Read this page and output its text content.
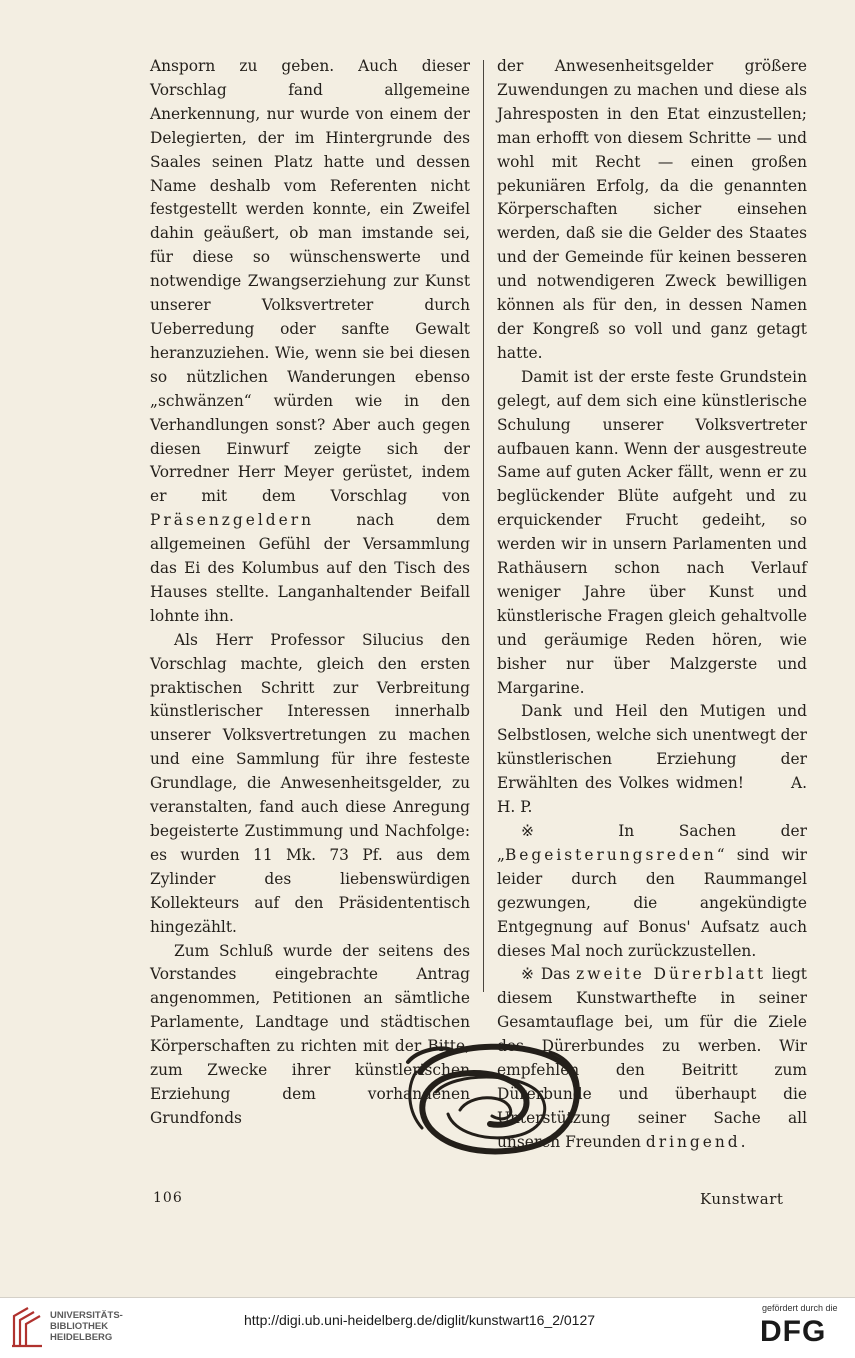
Ansporn zu geben. Auch dieser Vorschlag fand allgemeine Anerkennung, nur wurde von einem der Delegierten, der im Hintergrunde des Saales seinen Platz hatte und dessen Name deshalb vom Referenten nicht festgestellt werden konnte, ein Zweifel dahin geäußert, ob man imstande sei, für diese so wünschenswerte und notwendige Zwangserziehung zur Kunst unserer Volksvertreter durch Ueberredung oder sanfte Gewalt heranzuziehen. Wie, wenn sie bei diesen so nützlichen Wanderungen ebenso „schwänzen“ würden wie in den Verhandlungen sonst? Aber auch gegen diesen Einwurf zeigte sich der Vorredner Herr Meyer gerüstet, indem er mit dem Vorschlag von Präsenzgeldern	nach dem allgemeinen Gefühl der Versammlung das Ei des Kolumbus auf den Tisch des Hauses stellte. Langanhaltender Beifall lohnte ihn.

Als Herr Professor Silucius den Vorschlag machte, gleich den ersten praktischen Schritt zur Verbreitung künstlerischer Interessen innerhalb unserer Volksvertretungen zu machen und eine Sammlung für ihre festeste Grundlage, die Anwesenheitsgelder, zu veranstalten, fand auch diese Anregung begeisterte Zustimmung und Nachfolge: es wurden 11 Mk. 73 Pf. aus dem Zylinder des liebenswürdigen Kollekteurs auf den Präsidententisch hingezählt.

Zum Schluß wurde der seitens des Vorstandes eingebrachte Antrag angenommen, Petitionen an sämtliche Parlamente, Landtage und städtischen Körperschaften zu richten mit der Bitte, zum Zwecke ihrer künstlerischen Erziehung dem vorhandenen Grundfonds

der Anwesenheitsgelder größere Zuwendungen zu machen und diese als Jahresposten in den Etat einzustellen; man erhofft von diesem Schritte — und wohl mit Recht — einen großen pekuniären Erfolg, da die genannten Körperschaften sicher einsehen werden, daß sie die Gelder des Staates und der Gemeinde für keinen besseren und notwendigeren Zweck bewilligen können als für den, in dessen Namen der Kongreß so voll und ganz getagt hatte.

Damit ist der erste feste Grundstein gelegt, auf dem sich eine künstlerische Schulung unserer Volksvertreter aufbauen kann. Wenn der ausgestreute Same auf guten Acker fällt, wenn er zu beglückender Blüte aufgeht und zu erquickender Frucht gedeiht, so werden wir in unsern Parlamenten und Rathäusern schon nach Verlauf weniger Jahre über Kunst und künstlerische Fragen gleich gehaltvolle und geräumige Reden hören, wie bisher nur über Malzgerste und Margarine.

Dank und Heil den Mutigen und Selbstlosen, welche sich unentwegt der künstlerischen Erziehung der Erwählten des Volkes widmen!	A. H. P.

※ In Sachen der „Begeisterungsreden“ sind wir leider durch den Raummangel gezwungen, die angekündigte Entgegnung auf Bonus' Aufsatz auch dieses Mal noch zurückzustellen.

※ Das zweite Dürerblatt liegt diesem Kunstwarthefte in seiner Gesamtauflage bei, um für die Ziele des Dürerbundes zu werben. Wir empfehlen den Beitritt zum Dürerbunde und überhaupt die Unterstützung seiner Sache all unseren Freunden dringend.

106	Kunstwart
UNIVERSITÄTS-
BIBLIOTHEK
HEIDELBERG
http://digi.ub.uni-heidelberg.de/diglit/kunstwart16_2/0127
gefördert durch die
DFG
